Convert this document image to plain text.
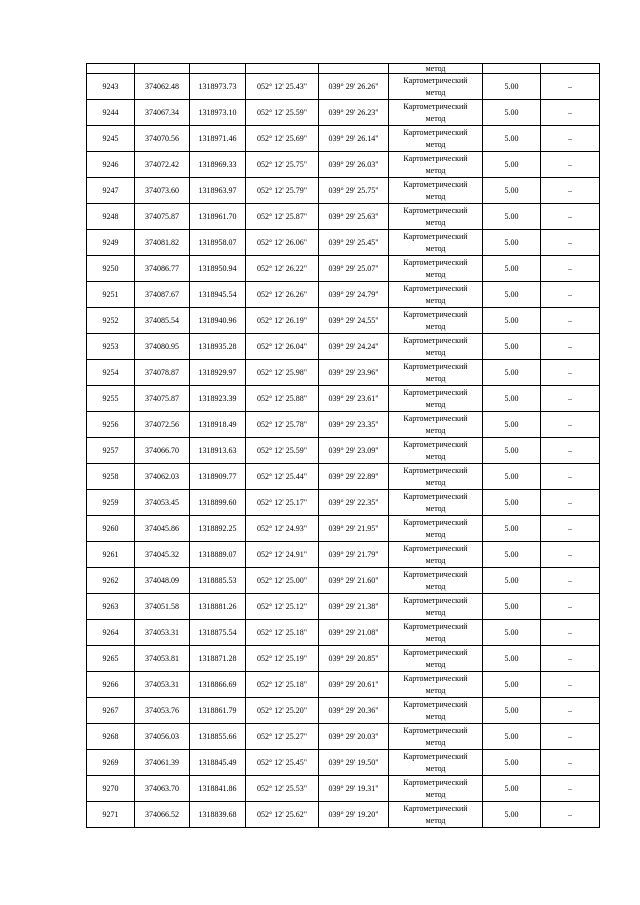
					метод		
9243	374062.48	1318973.73	052° 12' 25.43"	039° 29' 26.26"	Картометрический
метод	5.00	–
9244	374067.34	1318973.10	052° 12' 25.59"	039° 29' 26.23"	Картометрический
метод	5.00	–
9245	374070.56	1318971.46	052° 12' 25.69"	039° 29' 26.14"	Картометрический
метод	5.00	–
9246	374072.42	1318969.33	052° 12' 25.75"	039° 29' 26.03"	Картометрический
метод	5.00	–
9247	374073.60	1318963.97	052° 12' 25.79"	039° 29' 25.75"	Картометрический
метод	5.00	–
9248	374075.87	1318961.70	052° 12' 25.87"	039° 29' 25.63"	Картометрический
метод	5.00	–
9249	374081.82	1318958.07	052° 12' 26.06"	039° 29' 25.45"	Картометрический
метод	5.00	–
9250	374086.77	1318950.94	052° 12' 26.22"	039° 29' 25.07"	Картометрический
метод	5.00	–
9251	374087.67	1318945.54	052° 12' 26.26"	039° 29' 24.79"	Картометрический
метод	5.00	–
9252	374085.54	1318940.96	052° 12' 26.19"	039° 29' 24.55"	Картометрический
метод	5.00	–
9253	374080.95	1318935.28	052° 12' 26.04"	039° 29' 24.24"	Картометрический
метод	5.00	–
9254	374078.87	1318929.97	052° 12' 25.98"	039° 29' 23.96"	Картометрический
метод	5.00	–
9255	374075.87	1318923.39	052° 12' 25.88"	039° 29' 23.61"	Картометрический
метод	5.00	–
9256	374072.56	1318918.49	052° 12' 25.78"	039° 29' 23.35"	Картометрический
метод	5.00	–
9257	374066.70	1318913.63	052° 12' 25.59"	039° 29' 23.09"	Картометрический
метод	5.00	–
9258	374062.03	1318909.77	052° 12' 25.44"	039° 29' 22.89"	Картометрический
метод	5.00	–
9259	374053.45	1318899.60	052° 12' 25.17"	039° 29' 22.35"	Картометрический
метод	5.00	–
9260	374045.86	1318892.25	052° 12' 24.93"	039° 29' 21.95"	Картометрический
метод	5.00	–
9261	374045.32	1318889.07	052° 12' 24.91"	039° 29' 21.79"	Картометрический
метод	5.00	–
9262	374048.09	1318885.53	052° 12' 25.00"	039° 29' 21.60"	Картометрический
метод	5.00	–
9263	374051.58	1318881.26	052° 12' 25.12"	039° 29' 21.38"	Картометрический
метод	5.00	–
9264	374053.31	1318875.54	052° 12' 25.18"	039° 29' 21.08"	Картометрический
метод	5.00	–
9265	374053.81	1318871.28	052° 12' 25.19"	039° 29' 20.85"	Картометрический
метод	5.00	–
9266	374053.31	1318866.69	052° 12' 25.18"	039° 29' 20.61"	Картометрический
метод	5.00	–
9267	374053.76	1318861.79	052° 12' 25.20"	039° 29' 20.36"	Картометрический
метод	5.00	–
9268	374056.03	1318855.66	052° 12' 25.27"	039° 29' 20.03"	Картометрический
метод	5.00	–
9269	374061.39	1318845.49	052° 12' 25.45"	039° 29' 19.50"	Картометрический
метод	5.00	–
9270	374063.70	1318841.86	052° 12' 25.53"	039° 29' 19.31"	Картометрический
метод	5.00	–
9271	374066.52	1318839.68	052° 12' 25.62"	039° 29' 19.20"	Картометрический
метод	5.00	–
